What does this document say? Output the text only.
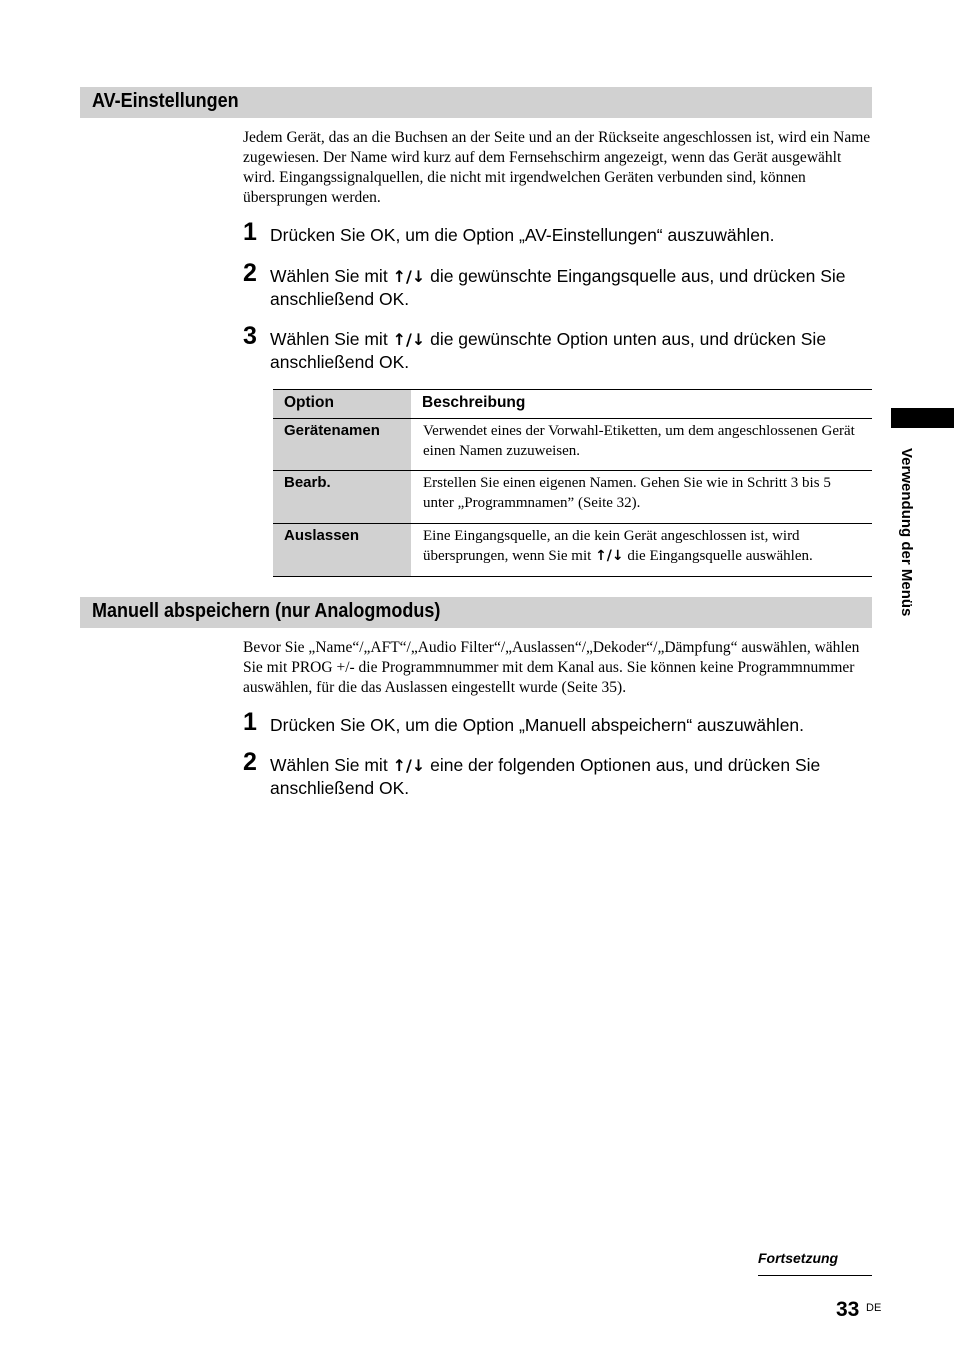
AV-Einstellungen

Jedem Gerät, das an die Buchsen an der Seite und an der Rückseite angeschlossen ist, wird ein Name zugewiesen. Der Name wird kurz auf dem Fernsehschirm angezeigt, wenn das Gerät ausgewählt wird. Eingangssignalquellen, die nicht mit irgendwelchen Geräten verbunden sind, können übersprungen werden.

1 Drücken Sie OK, um die Option „AV-Einstellungen“ auszuwählen.
2 Wählen Sie mit ↑/↓ die gewünschte Eingangsquelle aus, und drücken Sie anschließend OK.
3 Wählen Sie mit ↑/↓ die gewünschte Option unten aus, und drücken Sie anschließend OK.
Option	Beschreibung
Gerätenamen	Verwendet eines der Vorwahl-Etiketten, um dem angeschlossenen Gerät einen Namen zuzuweisen.
Bearb.	Erstellen Sie einen eigenen Namen. Gehen Sie wie in Schritt 3 bis 5 unter „Programmnamen” (Seite 32).
Auslassen	Eine Eingangsquelle, an die kein Gerät angeschlossen ist, wird übersprungen, wenn Sie mit ↑/↓ die Eingangsquelle auswählen.
Manuell abspeichern (nur Analogmodus)

Bevor Sie „Name“/„AFT“/„Audio Filter“/„Auslassen“/„Dekoder“/„Dämpfung“ auswählen, wählen Sie mit PROG +/- die Programmnummer mit dem Kanal aus. Sie können keine Programmnummer auswählen, für die das Auslassen eingestellt wurde (Seite 35).

1 Drücken Sie OK, um die Option „Manuell abspeichern“ auszuwählen.
2 Wählen Sie mit ↑/↓ eine der folgenden Optionen aus, und drücken Sie anschließend OK.
Verwendung der Menüs
Fortsetzung
33 DE
